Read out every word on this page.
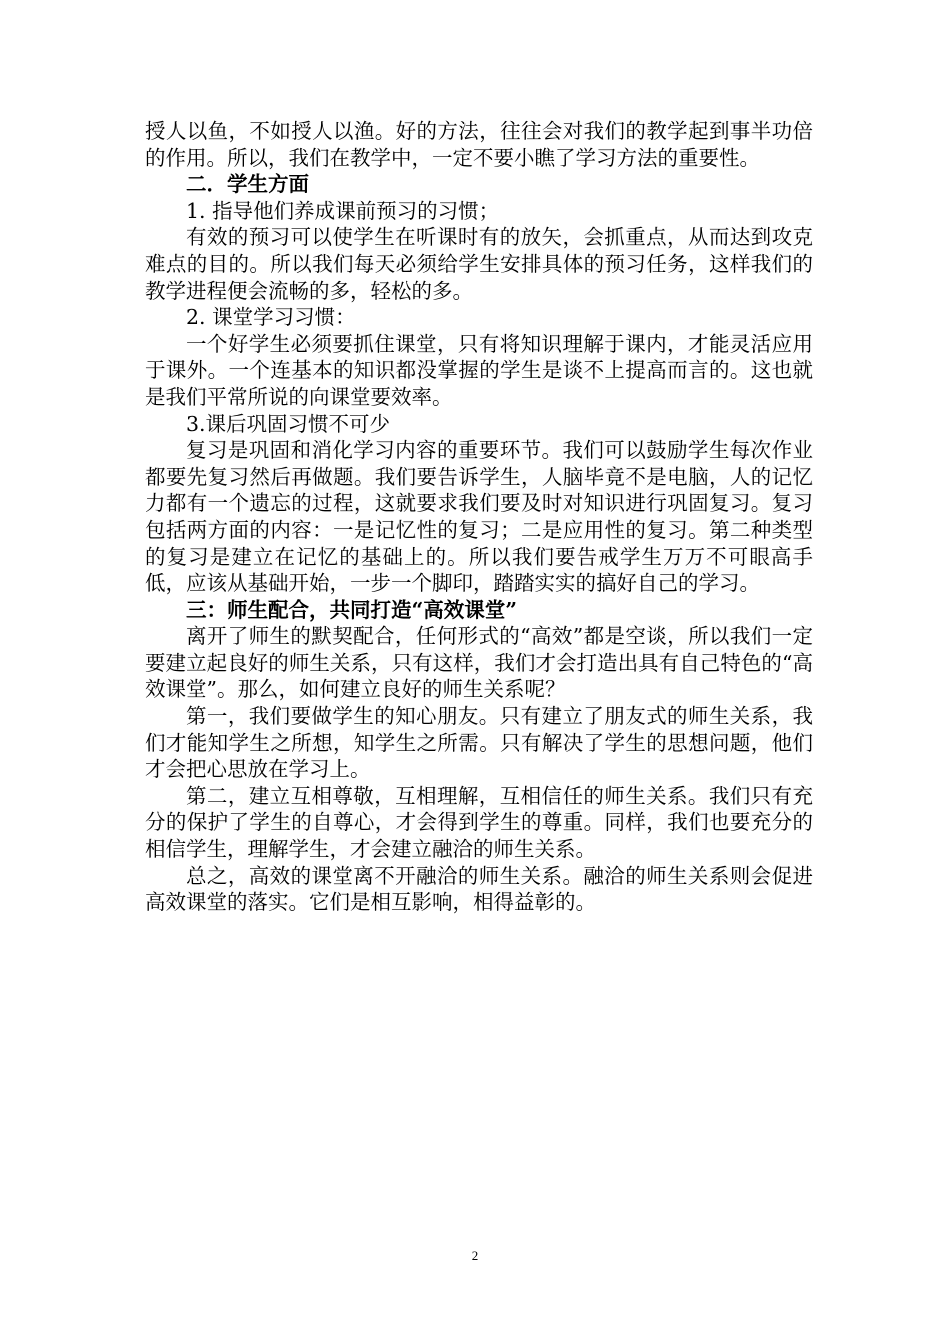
授人以鱼，不如授人以渔。好的方法，往往会对我们的教学起到事半功倍的作用。所以，我们在教学中，一定不要小瞧了学习方法的重要性。

二．学生方面

1. 指导他们养成课前预习的习惯；

有效的预习可以使学生在听课时有的放矢，会抓重点，从而达到攻克难点的目的。所以我们每天必须给学生安排具体的预习任务，这样我们的教学进程便会流畅的多，轻松的多。

2. 课堂学习习惯：

一个好学生必须要抓住课堂，只有将知识理解于课内，才能灵活应用于课外。一个连基本的知识都没掌握的学生是谈不上提高而言的。这也就是我们平常所说的向课堂要效率。

3.课后巩固习惯不可少

复习是巩固和消化学习内容的重要环节。我们可以鼓励学生每次作业都要先复习然后再做题。我们要告诉学生，人脑毕竟不是电脑，人的记忆力都有一个遗忘的过程，这就要求我们要及时对知识进行巩固复习。复习包括两方面的内容：一是记忆性的复习；二是应用性的复习。第二种类型的复习是建立在记忆的基础上的。所以我们要告戒学生万万不可眼高手低，应该从基础开始，一步一个脚印，踏踏实实的搞好自己的学习。

三：师生配合，共同打造“高效课堂”

离开了师生的默契配合，任何形式的“高效”都是空谈，所以我们一定要建立起良好的师生关系，只有这样，我们才会打造出具有自己特色的“高效课堂”。那么，如何建立良好的师生关系呢？

第一，我们要做学生的知心朋友。只有建立了朋友式的师生关系，我们才能知学生之所想，知学生之所需。只有解决了学生的思想问题，他们才会把心思放在学习上。

第二，建立互相尊敬，互相理解，互相信任的师生关系。我们只有充分的保护了学生的自尊心，才会得到学生的尊重。同样，我们也要充分的相信学生，理解学生，才会建立融洽的师生关系。

总之，高效的课堂离不开融洽的师生关系。融洽的师生关系则会促进高效课堂的落实。它们是相互影响，相得益彰的。

2
